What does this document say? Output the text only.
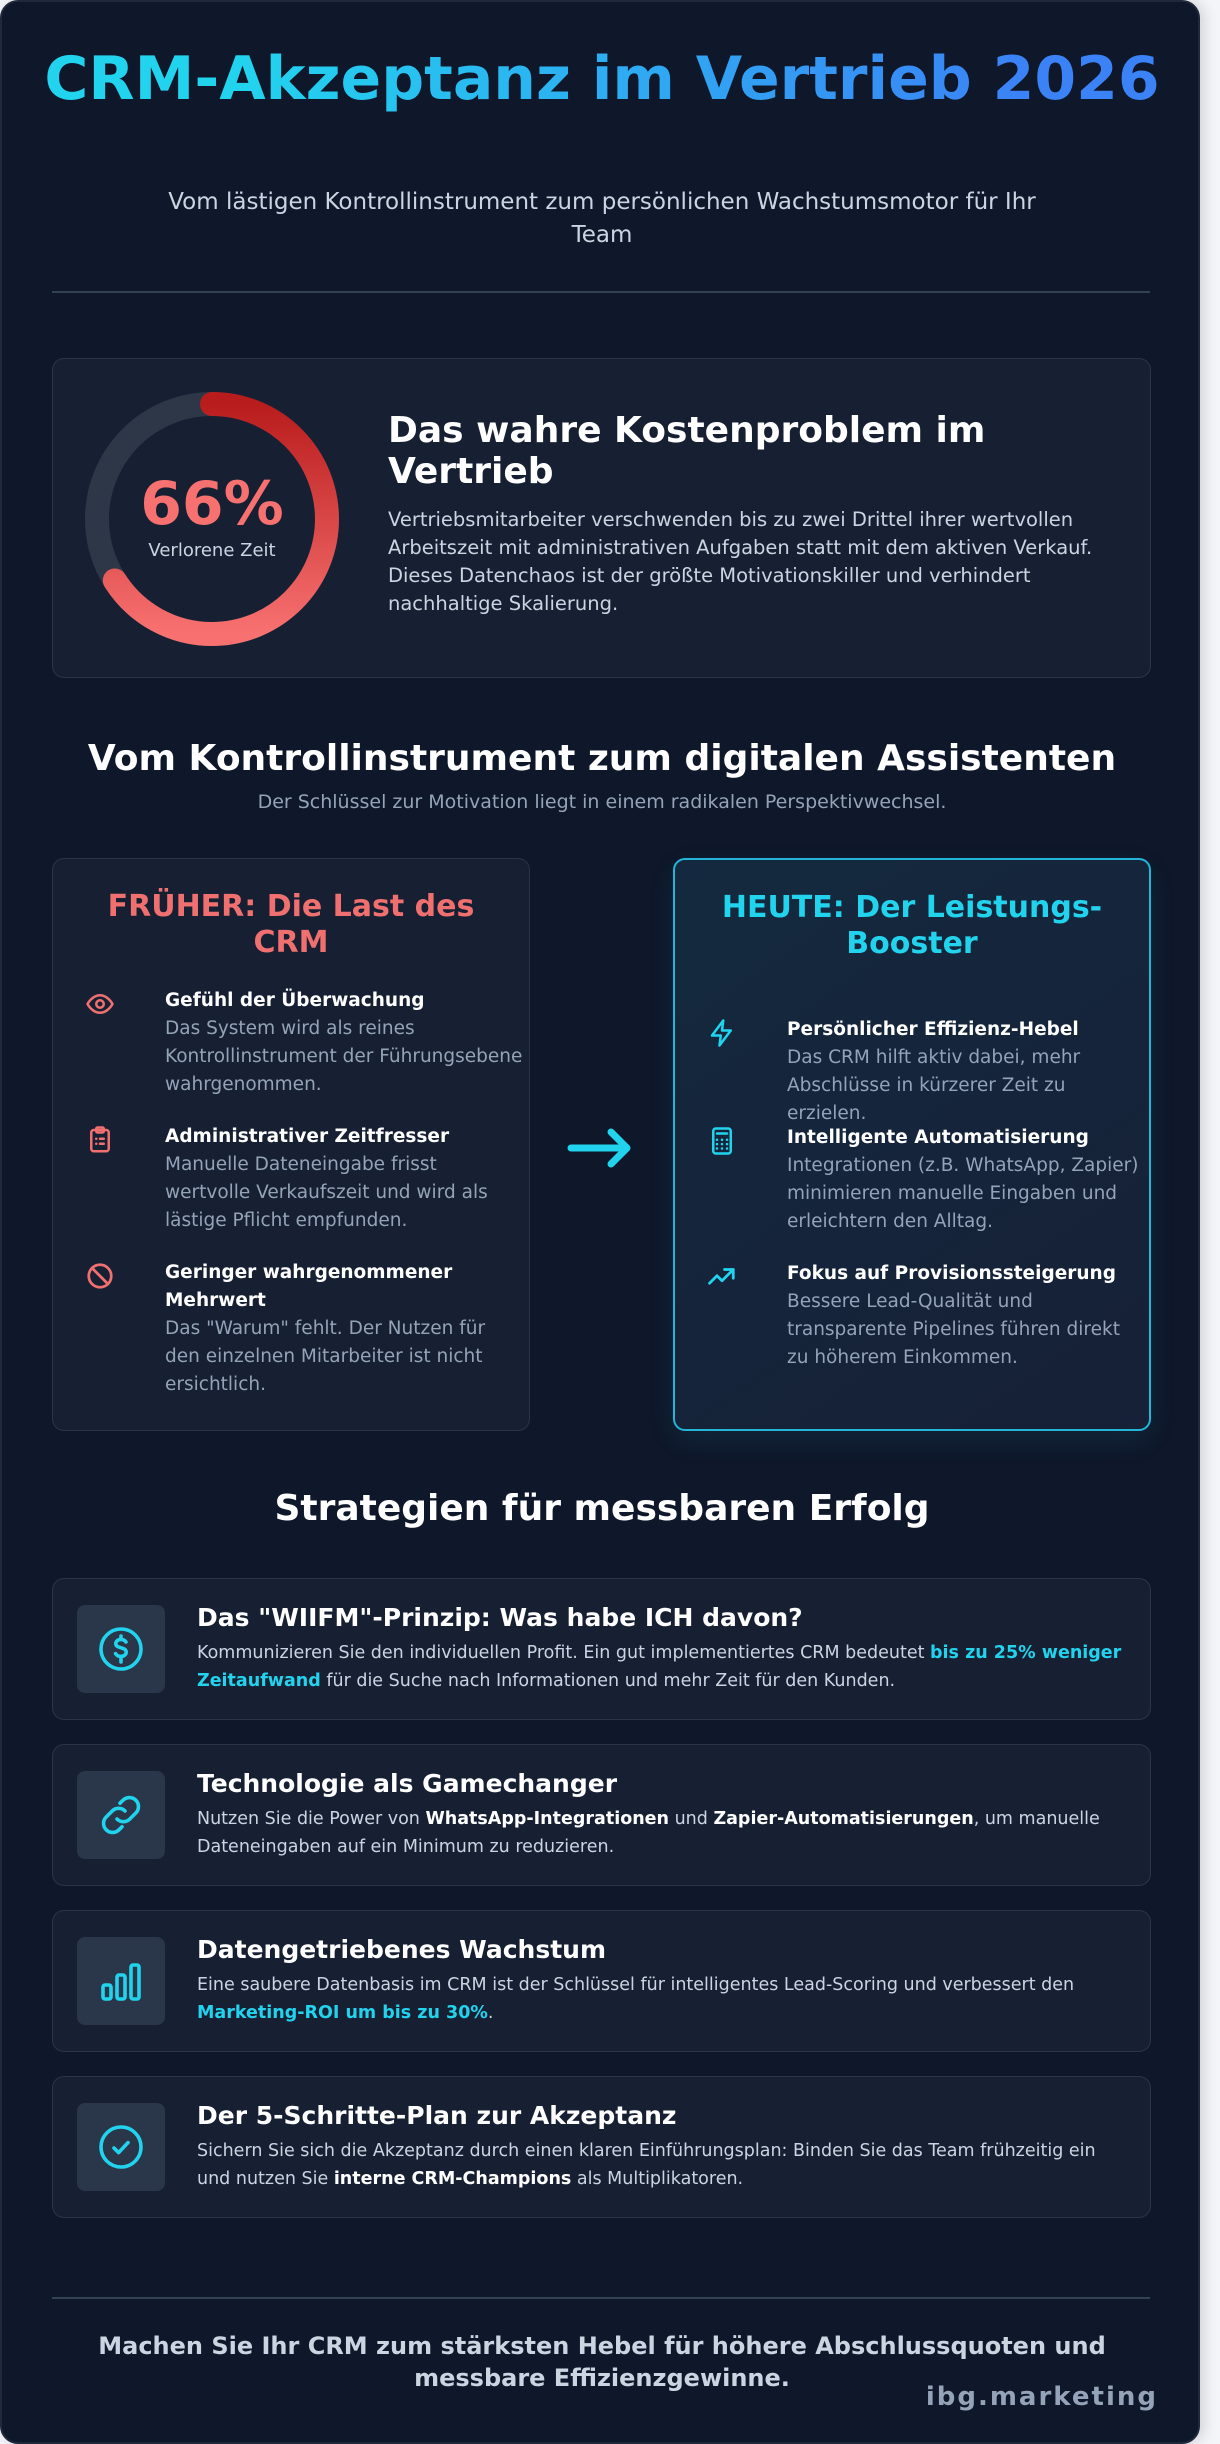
CRM-Akzeptanz im Vertrieb 2026

Vom lästigen Kontrollinstrument zum persönlichen Wachstumsmotor für Ihr Team

66%
Verlorene Zeit
Das wahre Kostenproblem im Vertrieb

Vertriebsmitarbeiter verschwenden bis zu zwei Drittel ihrer wertvollen Arbeitszeit mit administrativen Aufgaben statt mit dem aktiven Verkauf. Dieses Datenchaos ist der größte Motivationskiller und verhindert nachhaltige Skalierung.

Vom Kontrollinstrument zum digitalen Assistenten

Der Schlüssel zur Motivation liegt in einem radikalen Perspektivwechsel.

FRÜHER: Die Last des CRM
Gefühl der Überwachung
Das System wird als reines Kontrollinstrument der Führungsebene wahrgenommen.
Administrativer Zeitfresser
Manuelle Dateneingabe frisst wertvolle Verkaufszeit und wird als lästige Pflicht empfunden.
Geringer wahrgenommener Mehrwert
Das "Warum" fehlt. Der Nutzen für den einzelnen Mitarbeiter ist nicht ersichtlich.
HEUTE: Der Leistungs-Booster
Persönlicher Effizienz-Hebel
Das CRM hilft aktiv dabei, mehr Abschlüsse in kürzerer Zeit zu erzielen.
Intelligente Automatisierung
Integrationen (z.B. WhatsApp, Zapier) minimieren manuelle Eingaben und erleichtern den Alltag.
Fokus auf Provisionssteigerung
Bessere Lead-Qualität und transparente Pipelines führen direkt zu höherem Einkommen.
Strategien für messbaren Erfolg
Das "WIIFM"-Prinzip: Was habe ICH davon?

Kommunizieren Sie den individuellen Profit. Ein gut implementiertes CRM bedeutet bis zu 25% weniger Zeitaufwand für die Suche nach Informationen und mehr Zeit für den Kunden.

Technologie als Gamechanger

Nutzen Sie die Power von WhatsApp-Integrationen und Zapier-Automatisierungen, um manuelle Dateneingaben auf ein Minimum zu reduzieren.

Datengetriebenes Wachstum

Eine saubere Datenbasis im CRM ist der Schlüssel für intelligentes Lead-Scoring und verbessert den Marketing-ROI um bis zu 30%.

Der 5-Schritte-Plan zur Akzeptanz

Sichern Sie sich die Akzeptanz durch einen klaren Einführungsplan: Binden Sie das Team frühzeitig ein und nutzen Sie interne CRM-Champions als Multiplikatoren.

Machen Sie Ihr CRM zum stärksten Hebel für höhere Abschlussquoten und messbare Effizienzgewinne.

ibg.marketing
